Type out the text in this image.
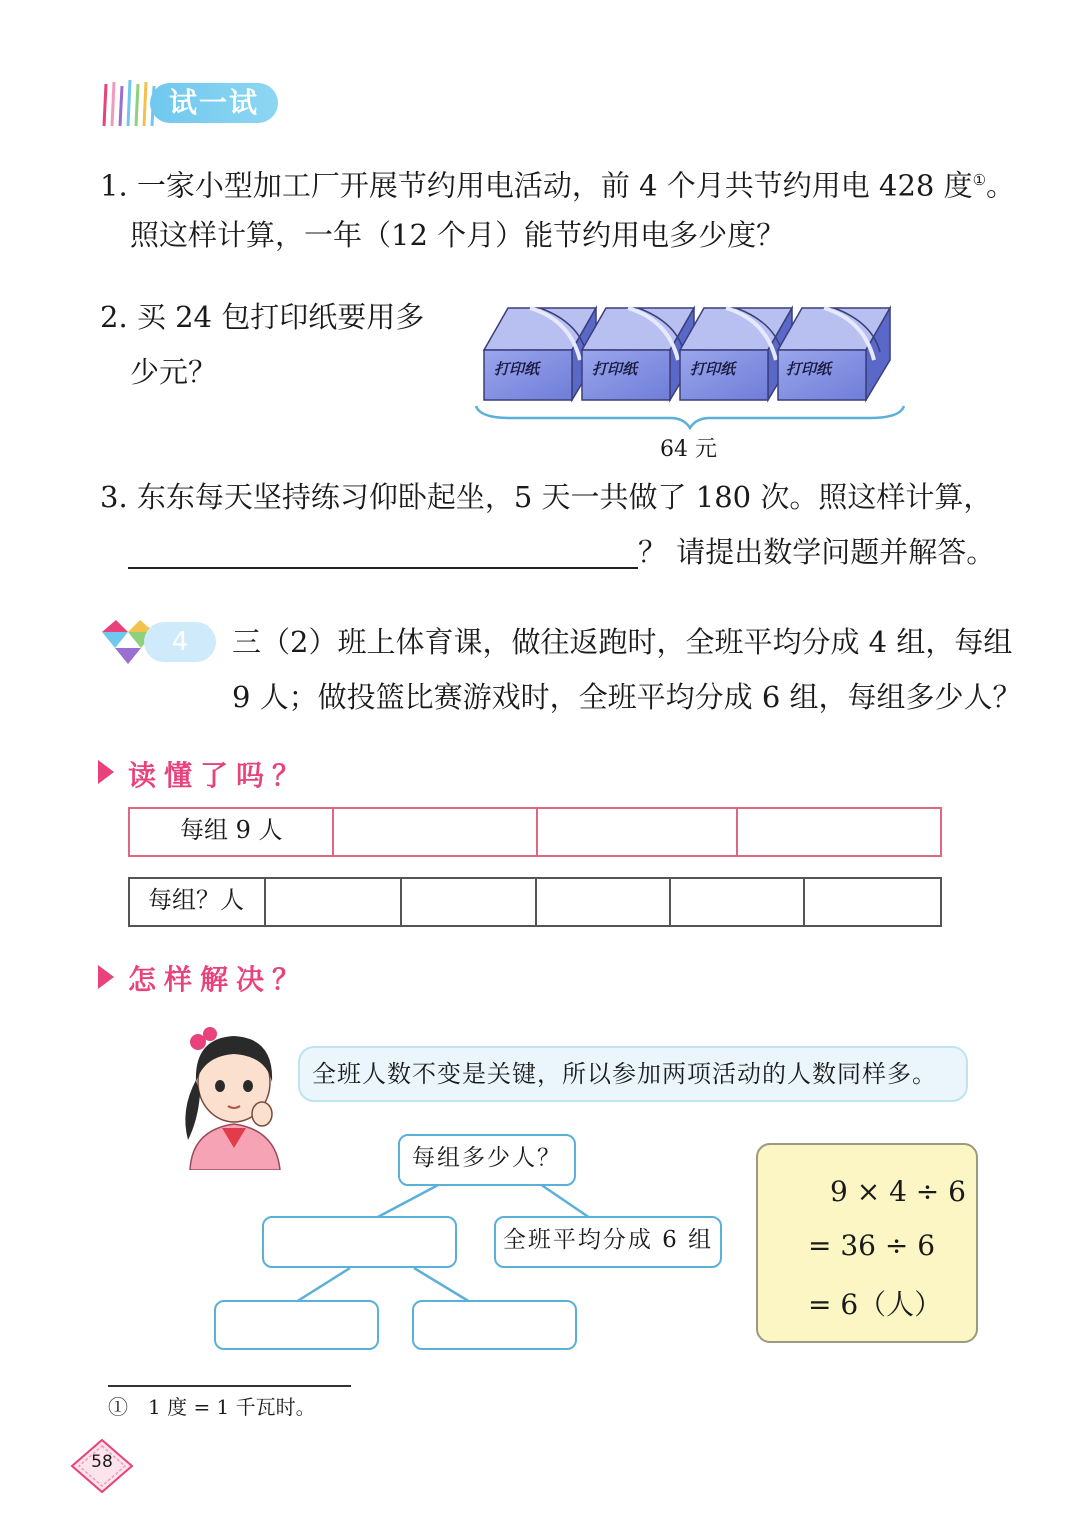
试一试
1. 一家小型加工厂开展节约用电活动，前 4 个月共节约用电 428 度①。
照这样计算，一年（12 个月）能节约用电多少度？
2. 买 24 包打印纸要用多
少元？	打印纸	打印纸	打印纸	打印纸
64 元
3. 东东每天坚持练习仰卧起坐，5 天一共做了 180 次。照这样计算，
？ 请提出数学问题并解答。
4	三（2）班上体育课，做往返跑时，全班平均分成 4 组，每组
9 人；做投篮比赛游戏时，全班平均分成 6 组，每组多少人？
读懂了吗？
每组 9 人
每组？人
怎样解决？
全班人数不变是关键，所以参加两项活动的人数同样多。
每组多少人？
全班平均分成 6 组
9 × 4 ÷ 6
= 36 ÷ 6
= 6（人）
①　1 度 = 1 千瓦时。
58
